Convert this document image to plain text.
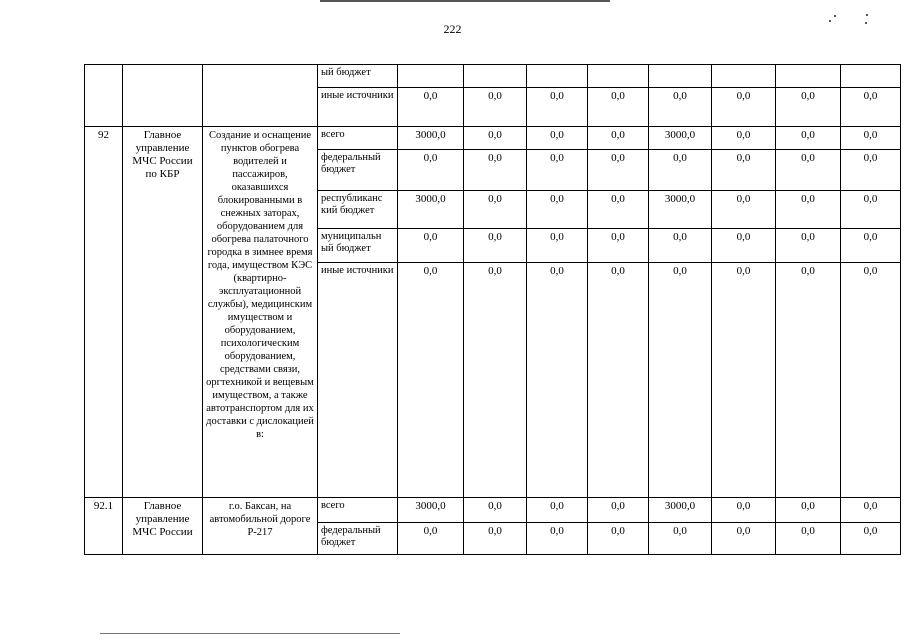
222
			ый бюджет								
			иные источники	0,0	0,0	0,0	0,0	0,0	0,0	0,0	0,0
92	Главное управление МЧС России по КБР	Создание и оснащение пунктов обогрева водителей и пассажиров, оказавшихся блокированными в снежных заторах, оборудованием для обогрева палаточного городка в зимнее время года, имуществом КЭС (квартирно-эксплуатационной службы), медицинским имуществом и оборудованием, психологическим оборудованием, средствами связи, оргтехникой и вещевым имуществом, а также автотранспортом для их доставки с дислокацией в:	всего	3000,0	0,0	0,0	0,0	3000,0	0,0	0,0	0,0
			федеральный бюджет	0,0	0,0	0,0	0,0	0,0	0,0	0,0	0,0
			республиканс кий бюджет	3000,0	0,0	0,0	0,0	3000,0	0,0	0,0	0,0
			муниципальн ый бюджет	0,0	0,0	0,0	0,0	0,0	0,0	0,0	0,0
			иные источники	0,0	0,0	0,0	0,0	0,0	0,0	0,0	0,0
92.1	Главное управление МЧС России	г.о. Баксан, на автомобильной дороге Р-217	всего	3000,0	0,0	0,0	0,0	3000,0	0,0	0,0	0,0
			федеральный бюджет	0,0	0,0	0,0	0,0	0,0	0,0	0,0	0,0
